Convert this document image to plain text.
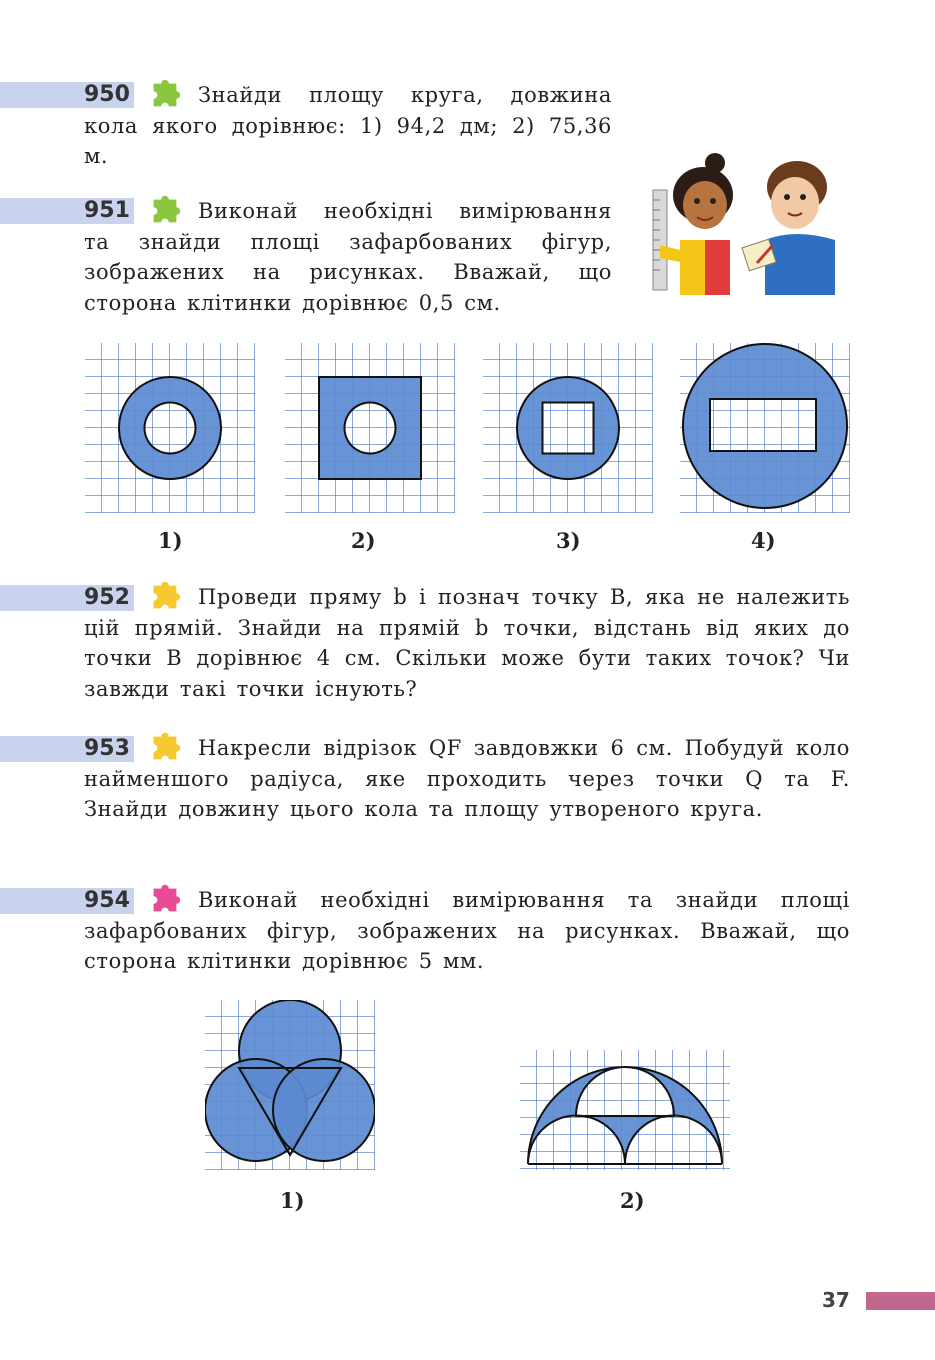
950	Знайди площу круга, довжина кола якого дорівнює: 1) 94,2 дм; 2) 75,36 м.

951	Виконай необхідні вимірювання та знайди площі зафарбованих фігур, зображених на рисунках. Вважай, що сторона клітинки дорівнює 0,5 см.

1)	2)	3)	4)
952	Проведи пряму b і познач точку B, яка не належить цій прямій. Знайди на прямій b точки, відстань від яких до точки B дорівнює 4 см. Скільки може бути таких точок? Чи завжди такі точки існують?

953	Накресли відрізок QF завдовжки 6 см. Побудуй коло найменшого радіуса, яке проходить через точки Q та F. Знайди довжину цього кола та площу утвореного круга.

954	Виконай необхідні вимірювання та знайди площі зафарбованих фігур, зображених на рисунках. Вважай, що сторона клітинки дорівнює 5 мм.

1)	2)
37
